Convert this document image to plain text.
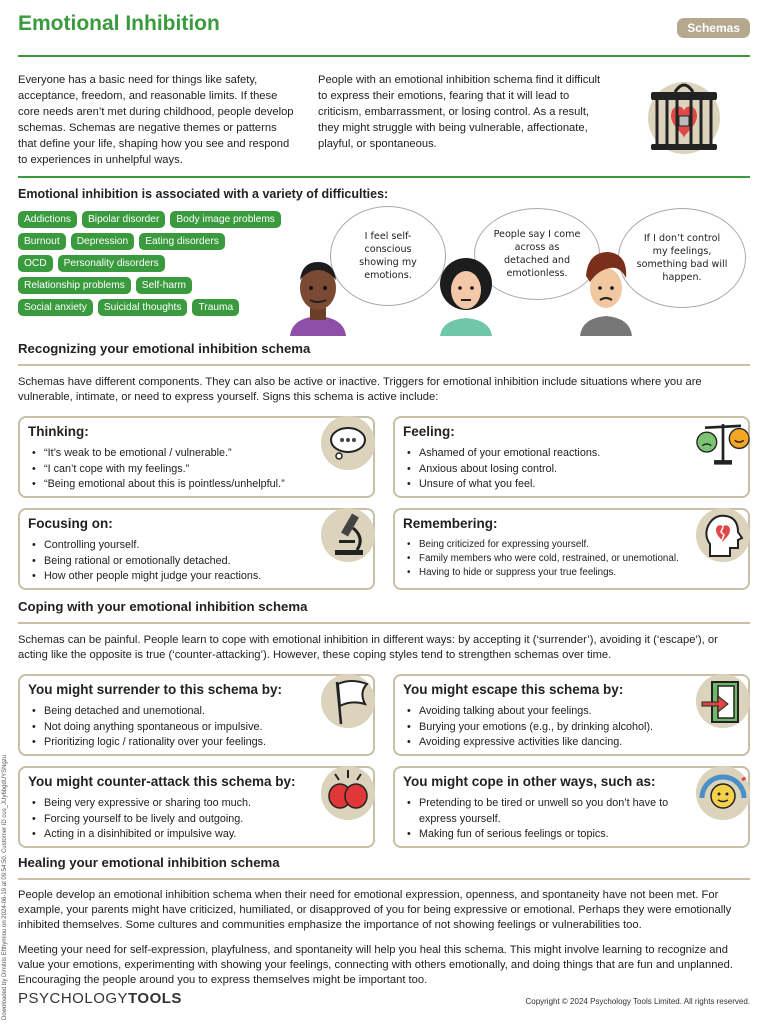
Emotional Inhibition	Schemas
Everyone has a basic need for things like safety, acceptance, freedom, and reasonable limits. If these core needs aren’t met during childhood, people develop schemas. Schemas are negative themes or patterns that define your life, shaping how you see and respond to experiences in unhelpful ways.
People with an emotional inhibition schema find it difficult to express their emotions, fearing that it will lead to criticism, embarrassment, or losing control. As a result, they might struggle with being vulnerable, affectionate, playful, or spontaneous.
Emotional inhibition is associated with a variety of difficulties:
Addictions	Bipolar disorder	Body image problems
Burnout	Depression	Eating disorders
OCD	Personality disorders
Relationship problems	Self-harm
Social anxiety	Suicidal thoughts	Trauma
I feel self-conscious showing my emotions.
People say I come across as detached and emotionless.
If I don’t control my feelings, something bad will happen.
Recognizing your emotional inhibition schema
Schemas have different components. They can also be active or inactive. Triggers for emotional inhibition include situations where you are vulnerable, intimate, or need to express yourself. Signs this schema is active include:
Thinking:
• “It’s weak to be emotional / vulnerable.”
• “I can’t cope with my feelings.”
• “Being emotional about this is pointless/unhelpful.”
Feeling:
• Ashamed of your emotional reactions.
• Anxious about losing control.
• Unsure of what you feel.
Focusing on:
• Controlling yourself.
• Being rational or emotionally detached.
• How other people might judge your reactions.
Remembering:
• Being criticized for expressing yourself.
• Family members who were cold, restrained, or unemotional.
• Having to hide or suppress your true feelings.
Coping with your emotional inhibition schema
Schemas can be painful. People learn to cope with emotional inhibition in different ways: by accepting it (‘surrender’), avoiding it (‘escape’), or acting like the opposite is true (‘counter-attacking’). However, these coping styles tend to strengthen schemas over time.
You might surrender to this schema by:
• Being detached and unemotional.
• Not doing anything spontaneous or impulsive.
• Prioritizing logic / rationality over your feelings.
You might escape this schema by:
• Avoiding talking about your feelings.
• Burying your emotions (e.g., by drinking alcohol).
• Avoiding expressive activities like dancing.
You might counter-attack this schema by:
• Being very expressive or sharing too much.
• Forcing yourself to be lively and outgoing.
• Acting in a disinhibited or impulsive way.
You might cope in other ways, such as:
• Pretending to be tired or unwell so you don’t have to express yourself.
• Making fun of serious feelings or topics.
Healing your emotional inhibition schema
People develop an emotional inhibition schema when their need for emotional expression, openness, and spontaneity have not been met. For example, your parents might have criticized, humiliated, or disapproved of you for being expressive or emotional. Perhaps they were emotionally inhibited themselves. Some cultures and communities emphasize the importance of not showing feelings or vulnerabilities too.
Meeting your need for self-expression, playfulness, and spontaneity will help you heal this schema. This might involve learning to recognize and value your emotions, experimenting with showing your feelings, connecting with others emotionally, and doing things that are fun and unplanned. Encouraging the people around you to express themselves might be important too.
PSYCHOLOGYTOOLS	Copyright © 2024 Psychology Tools Limited. All rights reserved.
Downloaded by Dimitris Efthymiou on 2024-06-19 at 09:54:50. Customer ID cus_JUy6bgdUYSNgzu
